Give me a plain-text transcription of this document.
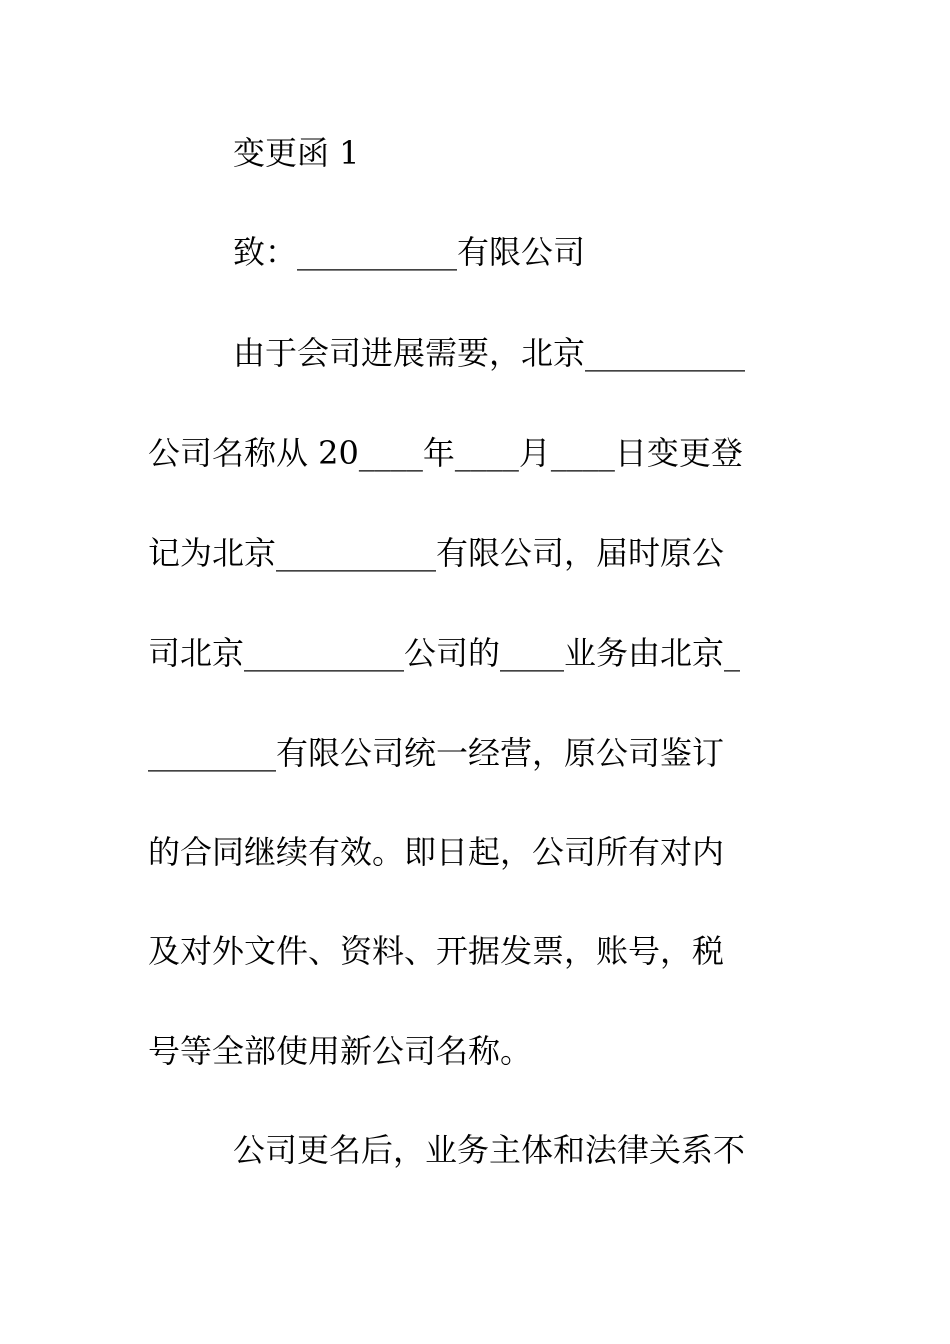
变更函 1

致：__________有限公司

由于会司进展需要，北京__________

公司名称从 20____年____月____日变更登

记为北京__________有限公司，届时原公

司北京__________公司的____业务由北京_

________有限公司统一经营，原公司鉴订

的合同继续有效。即日起，公司所有对内

及对外文件、资料、开据发票，账号，税

号等全部使用新公司名称。

公司更名后，业务主体和法律关系不
